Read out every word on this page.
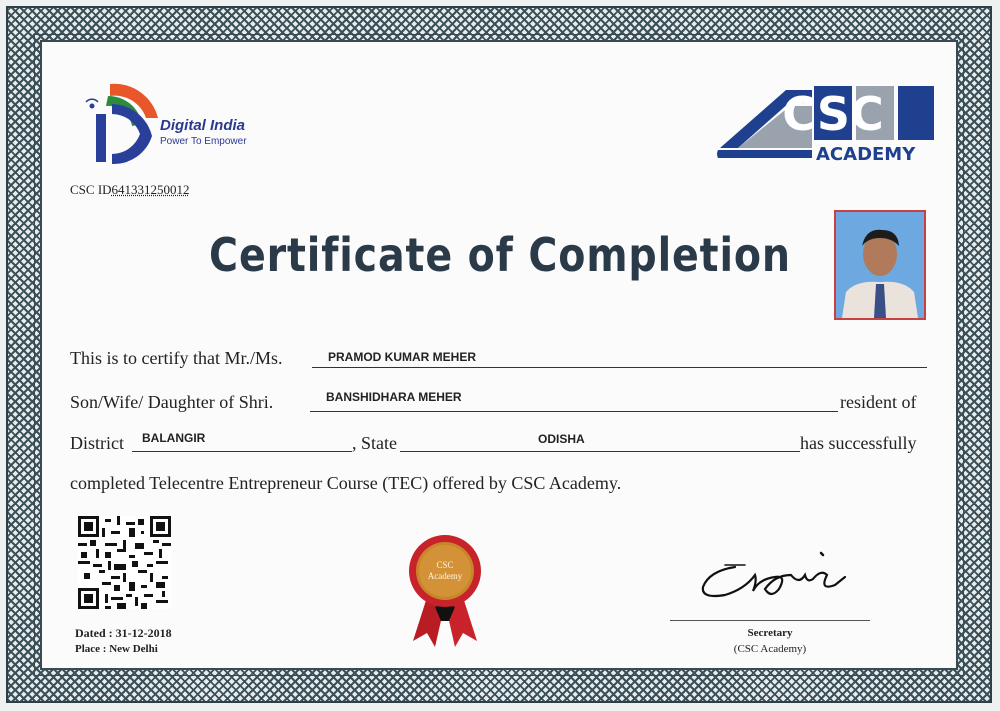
Digital India
Power To Empower
CSC ID641331250012
CSC
ACADEMY
Certificate of Completion
This is to certify that Mr./Ms.	PRAMOD KUMAR MEHER
Son/Wife/ Daughter of Shri.	BANSHIDHARA MEHER	resident of
District BALANGIR	, State	ODISHA	has successfully
completed Telecentre Entrepreneur Course (TEC) offered by CSC Academy.
Dated : 31-12-2018
Place : New Delhi
CSC
Academy
Secretary
(CSC Academy)
